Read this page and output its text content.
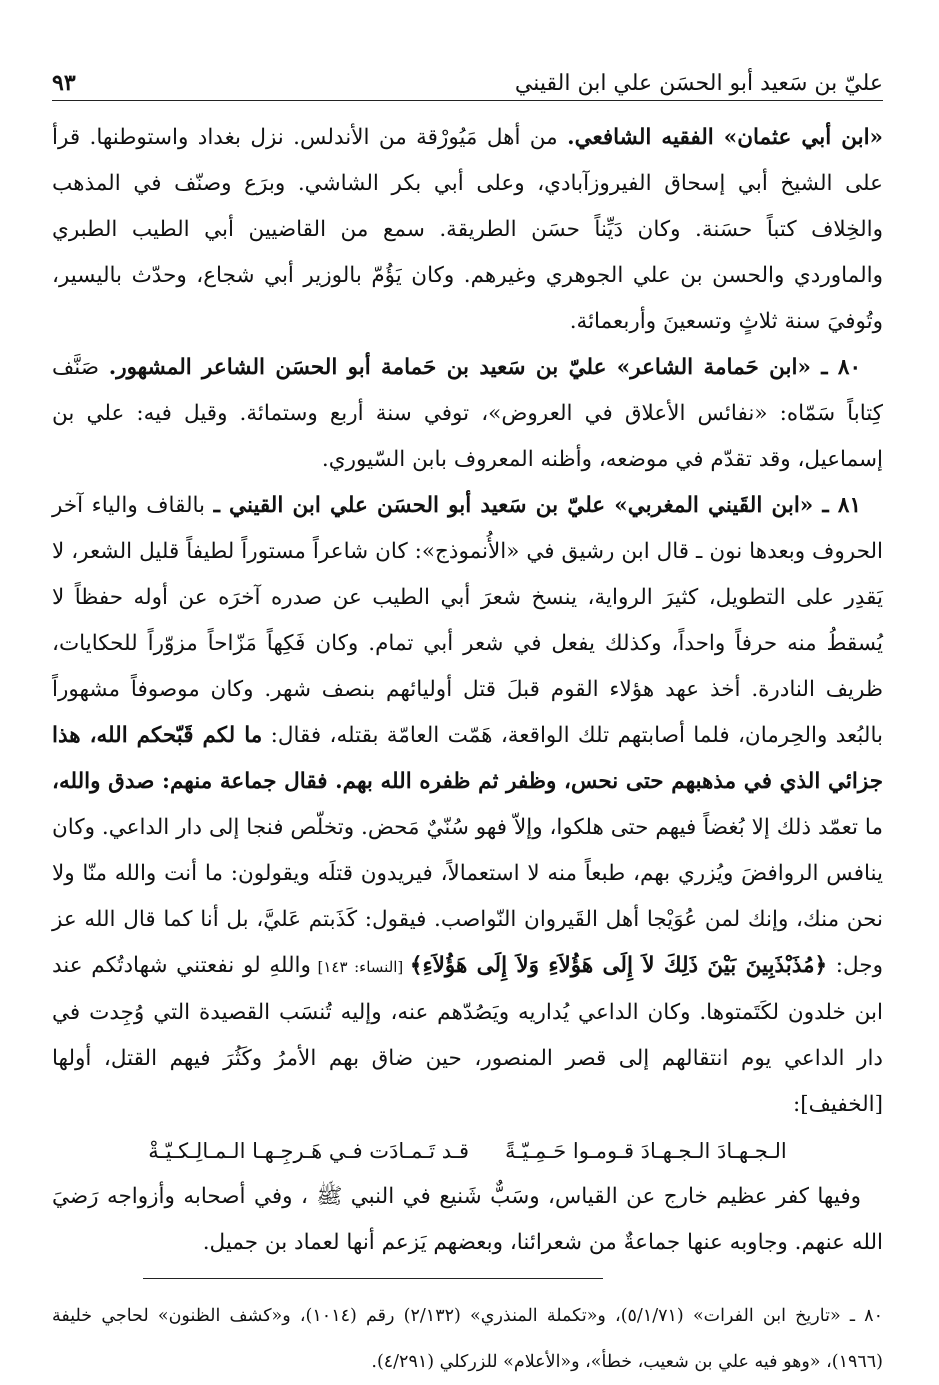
عليّ بن سَعيد أبو الحسَن علي ابن القيني
٩٣

«ابن أبي عثمان» الفقيه الشافعي. من أهل مَيُورْقة من الأندلس. نزل بغداد واستوطنها. قرأ على الشيخ أبي إسحاق الفيروزآبادي، وعلى أبي بكر الشاشي. وبرَع وصنّف في المذهب والخِلاف كتباً حسَنة. وكان دَيِّناً حسَن الطريقة. سمع من القاضيين أبي الطيب الطبري والماوردي والحسن بن علي الجوهري وغيرهم. وكان يَؤُمّ بالوزير أبي شجاع، وحدّث باليسير، وتُوفيَ سنة ثلاثٍ وتسعينَ وأربعمائة.

٨٠ ـ «ابن حَمامة الشاعر» عليّ بن سَعيد بن حَمامة أبو الحسَن الشاعر المشهور. صَنَّف كِتاباً سَمّاه: «نفائس الأعلاق في العروض»، توفي سنة أربع وستمائة. وقيل فيه: علي بن إسماعيل، وقد تقدّم في موضعه، وأظنه المعروف بابن السّيوري.

٨١ ـ «ابن القَيني المغربي» عليّ بن سَعيد أبو الحسَن علي ابن القيني ـ بالقاف والياء آخر الحروف وبعدها نون ـ قال ابن رشيق في «الأُنموذج»: كان شاعراً مستوراً لطيفاً قليل الشعر، لا يَقدِر على التطويل، كثيرَ الرواية، ينسخ شعرَ أبي الطيب عن صدره آخرَه عن أوله حفظاً لا يُسقطُ منه حرفاً واحداً، وكذلك يفعل في شعر أبي تمام. وكان فَكِهاً مَزّاحاً مزوّراً للحكايات، ظريف النادرة. أخذ عهد هؤلاء القوم قبلَ قتل أوليائهم بنصف شهر. وكان موصوفاً مشهوراً بالبُعد والحِرمان، فلما أصابتهم تلك الواقعة، هَمّت العامّة بقتله، فقال: ما لكم قَبّحكم الله، هذا جزائي الذي في مذهبهم حتى نحس، وظفر ثم ظفره الله بهم. فقال جماعة منهم: صدق والله، ما تعمّد ذلك إلا بُغضاً فيهم حتى هلكوا، وإلاّ فهو سُنّيٌ مَحض. وتخلّص فنجا إلى دار الداعي. وكان ينافس الروافضَ ويُزري بهم، طبعاً منه لا استعمالاً، فيريدون قتلَه ويقولون: ما أنت والله منّا ولا نحن منك، وإنك لمن عُوَيْجا أهل القَيروان النّواصب. فيقول: كَذَبتم عَليَّ، بل أنا كما قال الله عز وجل: ﴿مُذَبْذَبِينَ بَيْنَ ذَلِكَ لاَ إِلَى هَؤُلاَءِ وَلاَ إِلَى هَؤُلاَءِ﴾ [النساء: ١٤٣] واللهِ لو نفعتني شهادتُكم عند ابن خلدون لكَتَمتوها. وكان الداعي يُداريه ويَصُدّهم عنه، وإليه تُنسَب القصيدة التي وُجِدت في دار الداعي يوم انتقالهم إلى قصر المنصور، حين ضاق بهم الأمرُ وكَثُرَ فيهم القتل، أولها [الخفيف]:

الـجـهـادَ الـجـهـادَ قـومـوا حَـمِـيّـةًقـد تَـمـادَت فـي هَـرجِـهـا الـمـالِـكـيّـةْ

وفيها كفر عظيم خارج عن القياس، وسَبٌّ شَنيع في النبي ﷺ ، وفي أصحابه وأزواجه رَضيَ الله عنهم. وجاوبه عنها جماعةٌ من شعرائنا، وبعضهم يَزعم أنها لعماد بن جميل.

٨٠ ـ «تاريخ ابن الفرات» (٥/١/٧١)، و«تكملة المنذري» (٢/١٣٢) رقم (١٠١٤)، و«كشف الظنون» لحاجي خليفة (١٩٦٦)، «وهو فيه علي بن شعيب، خطأ»، و«الأعلام» للزركلي (٤/٢٩١).
